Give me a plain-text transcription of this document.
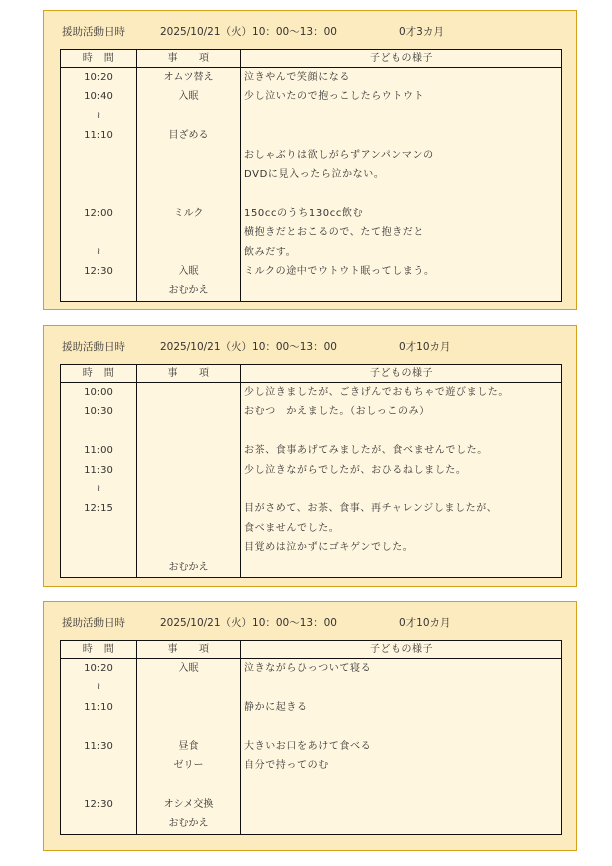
援助活動日時	2025/10/21（火）10：00〜13：00	0才3カ月
時　間	事　　項	子どもの様子
10:20	オムツ替え	泣きやんで笑顔になる
10:40	入眠	少し泣いたので抱っこしたらウトウト
≀		
11:10	目ざめる	
		おしゃぶりは欲しがらずアンパンマンの
		DVDに見入ったら泣かない。

12:00	ミルク	150ccのうち130cc飲む
		横抱きだとおこるので、たて抱きだと
≀		飲みだす。
12:30	入眠	ミルクの途中でウトウト眠ってしまう。
	おむかえ	
援助活動日時	2025/10/21（火）10：00〜13：00	0才10カ月
時　間	事　　項	子どもの様子
10:00		少し泣きましたが、ごきげんでおもちゃで遊びました。
10:30		おむつ　かえました。（おしっこのみ）

11:00		お茶、食事あげてみましたが、食べませんでした。
11:30		少し泣きながらでしたが、おひるねしました。
≀		
12:15		目がさめて、お茶、食事、再チャレンジしましたが、
		食べませんでした。
		目覚めは泣かずにゴキゲンでした。
	おむかえ	
援助活動日時	2025/10/21（火）10：00〜13：00	0才10カ月
時　間	事　　項	子どもの様子
10:20	入眠	泣きながらひっついて寝る
≀		
11:10		静かに起きる

11:30	昼食	大きいお口をあけて食べる
	ゼリー	自分で持ってのむ

12:30	オシメ交換	
	おむかえ	
